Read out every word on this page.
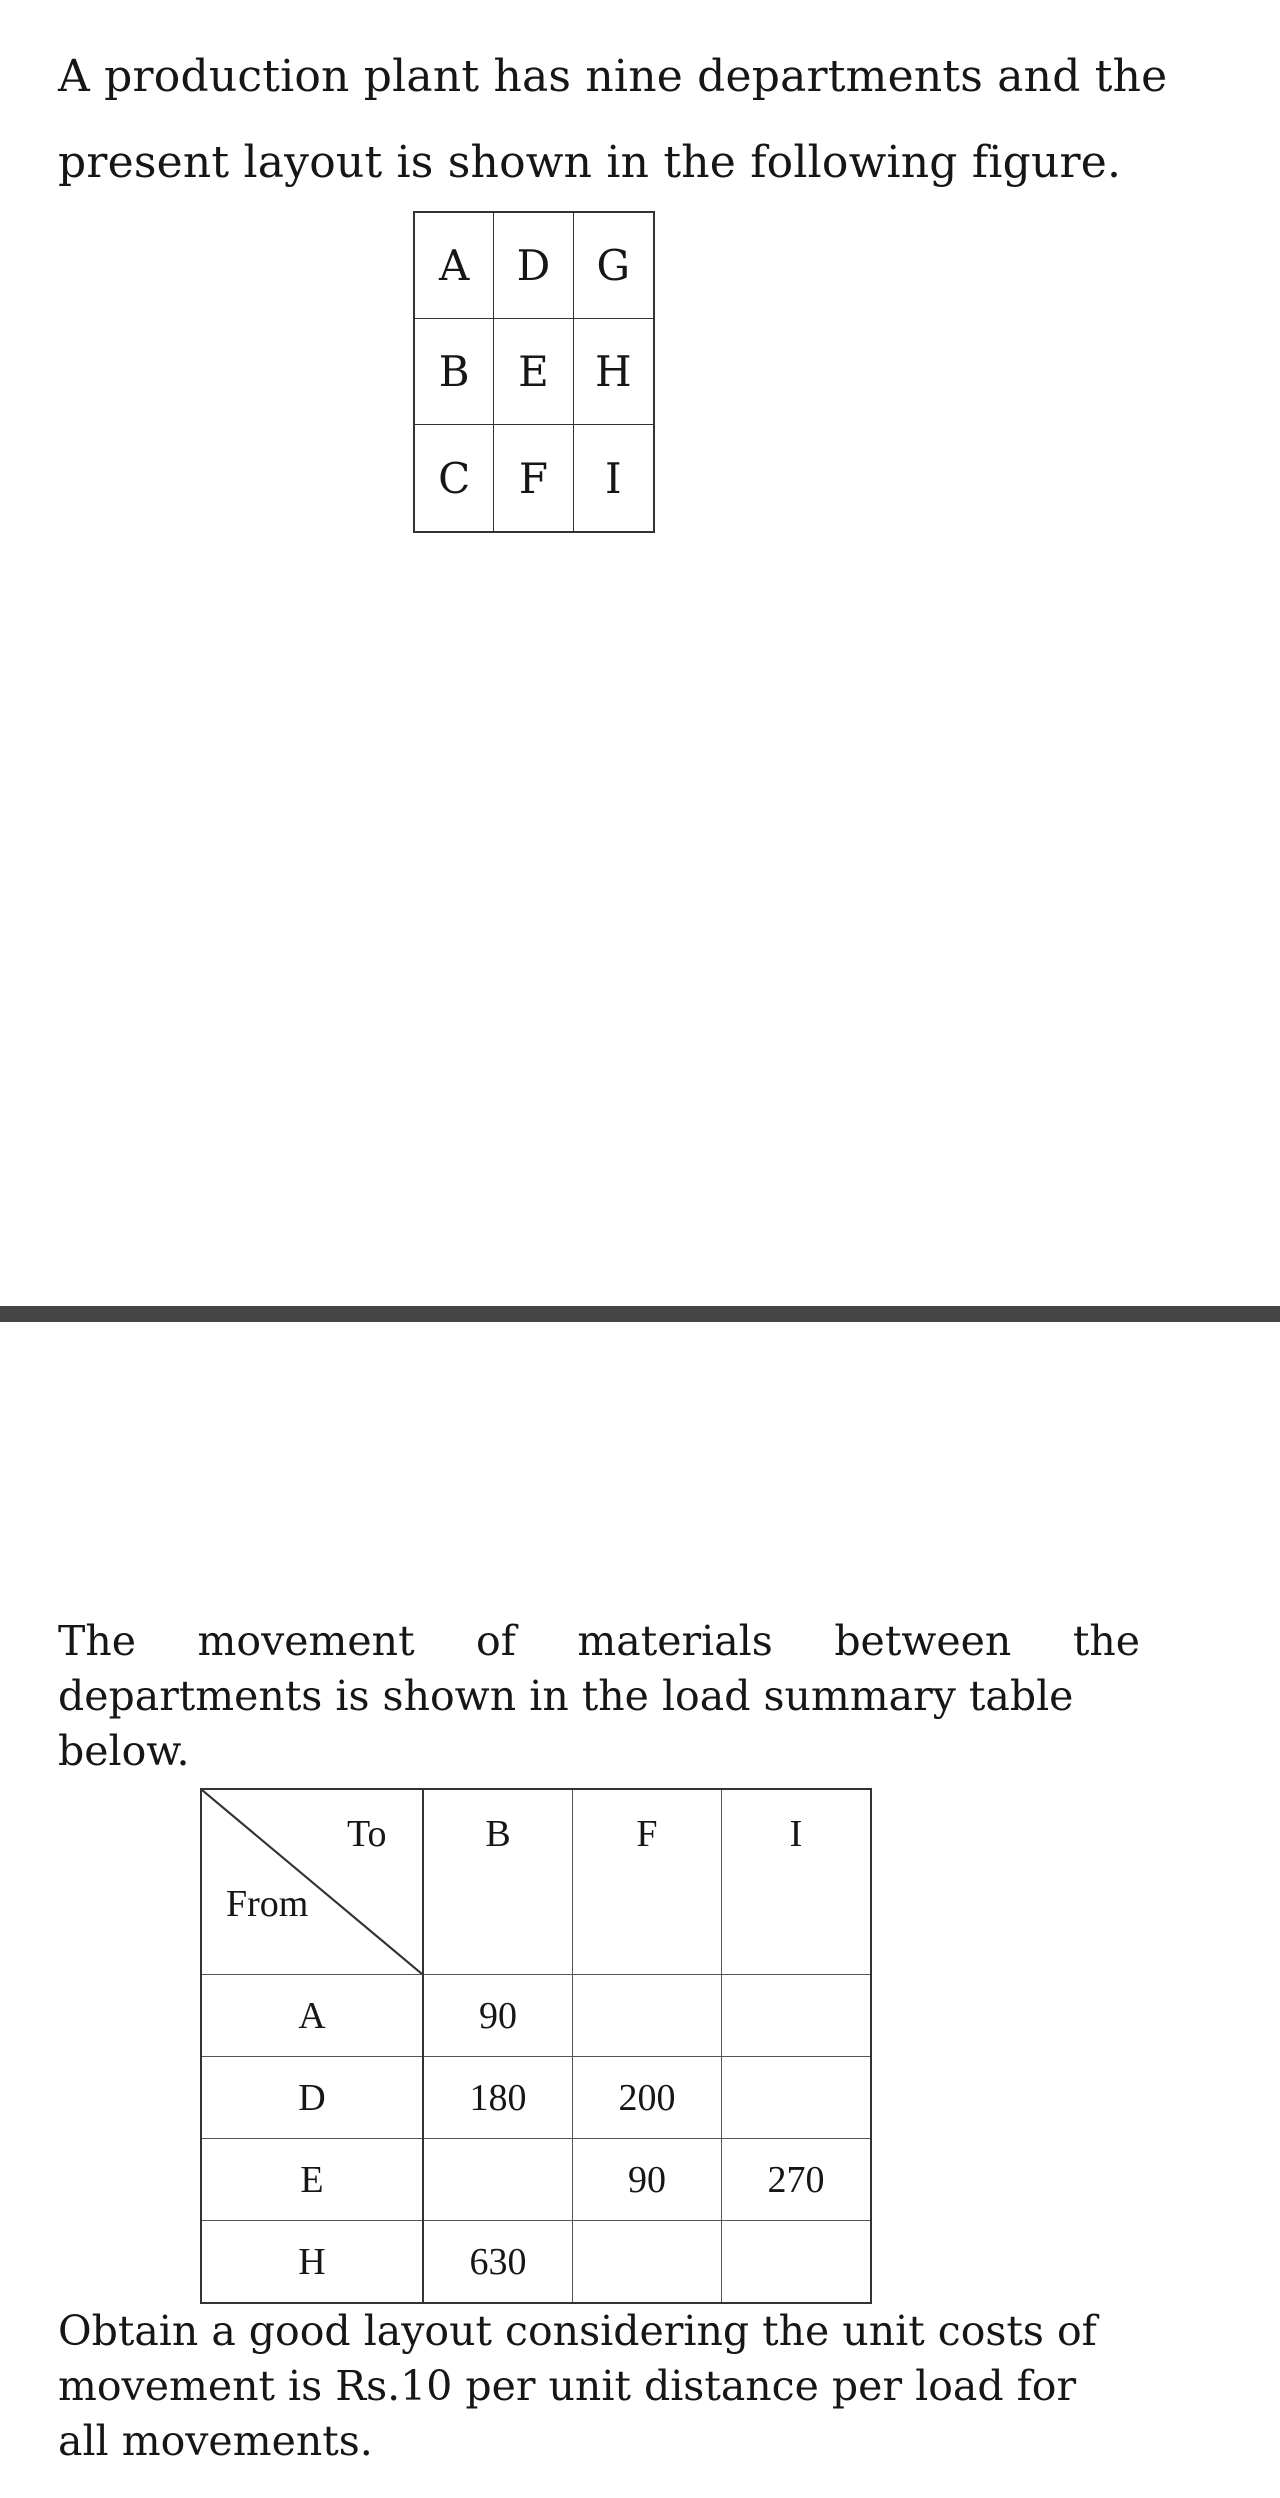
A production plant has nine departments and the

present layout is shown in the following figure.

A	D	G
B	E	H
C	F	I

The movement of materials between the

departments is shown in the load summary table

below.

To
From	B	F	I
A	90		
D	180	200	
E		90	270
H	630		

Obtain a good layout considering the unit costs of

movement is Rs.10 per unit distance per load for

all movements.
